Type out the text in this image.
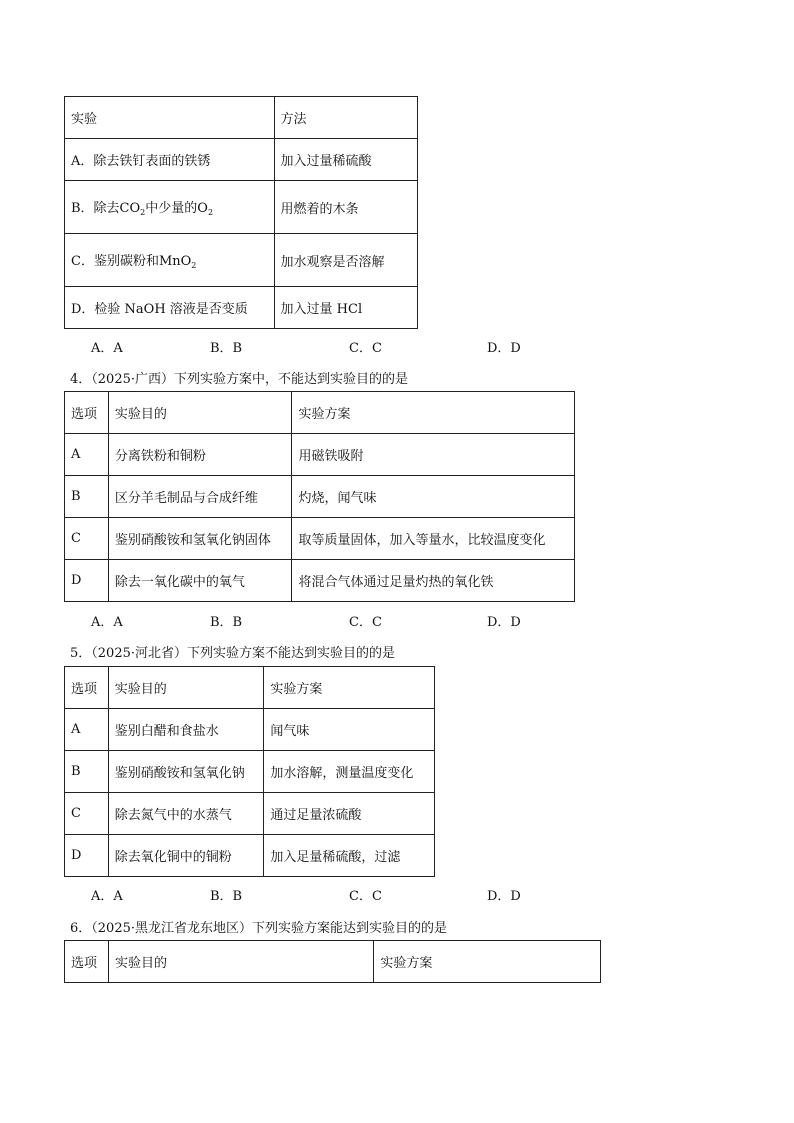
实验	方法
A．除去铁钉表面的铁锈	加入过量稀硫酸
B．除去$CO_2$中少量的$O_2$	用燃着的木条
C．鉴别碳粉和MnO$_2$	加水观察是否溶解
D．检验 NaOH 溶液是否变质	加入过量 HCl
A．A	B．B	C．C	D．D
4．（2025·广西）下列实验方案中，不能达到实验目的的是
选项	实验目的	实验方案
A	分离铁粉和铜粉	用磁铁吸附
B	区分羊毛制品与合成纤维	灼烧，闻气味
C	鉴别硝酸铵和氢氧化钠固体	取等质量固体，加入等量水，比较温度变化
D	除去一氧化碳中的氧气	将混合气体通过足量灼热的氧化铁
A．A	B．B	C．C	D．D
5．（2025·河北省）下列实验方案不能达到实验目的的是
选项	实验目的	实验方案
A	鉴别白醋和食盐水	闻气味
B	鉴别硝酸铵和氢氧化钠	加水溶解，测量温度变化
C	除去氮气中的水蒸气	通过足量浓硫酸
D	除去氧化铜中的铜粉	加入足量稀硫酸，过滤
A．A	B．B	C．C	D．D
6．（2025·黑龙江省龙东地区）下列实验方案能达到实验目的的是
选项	实验目的	实验方案
